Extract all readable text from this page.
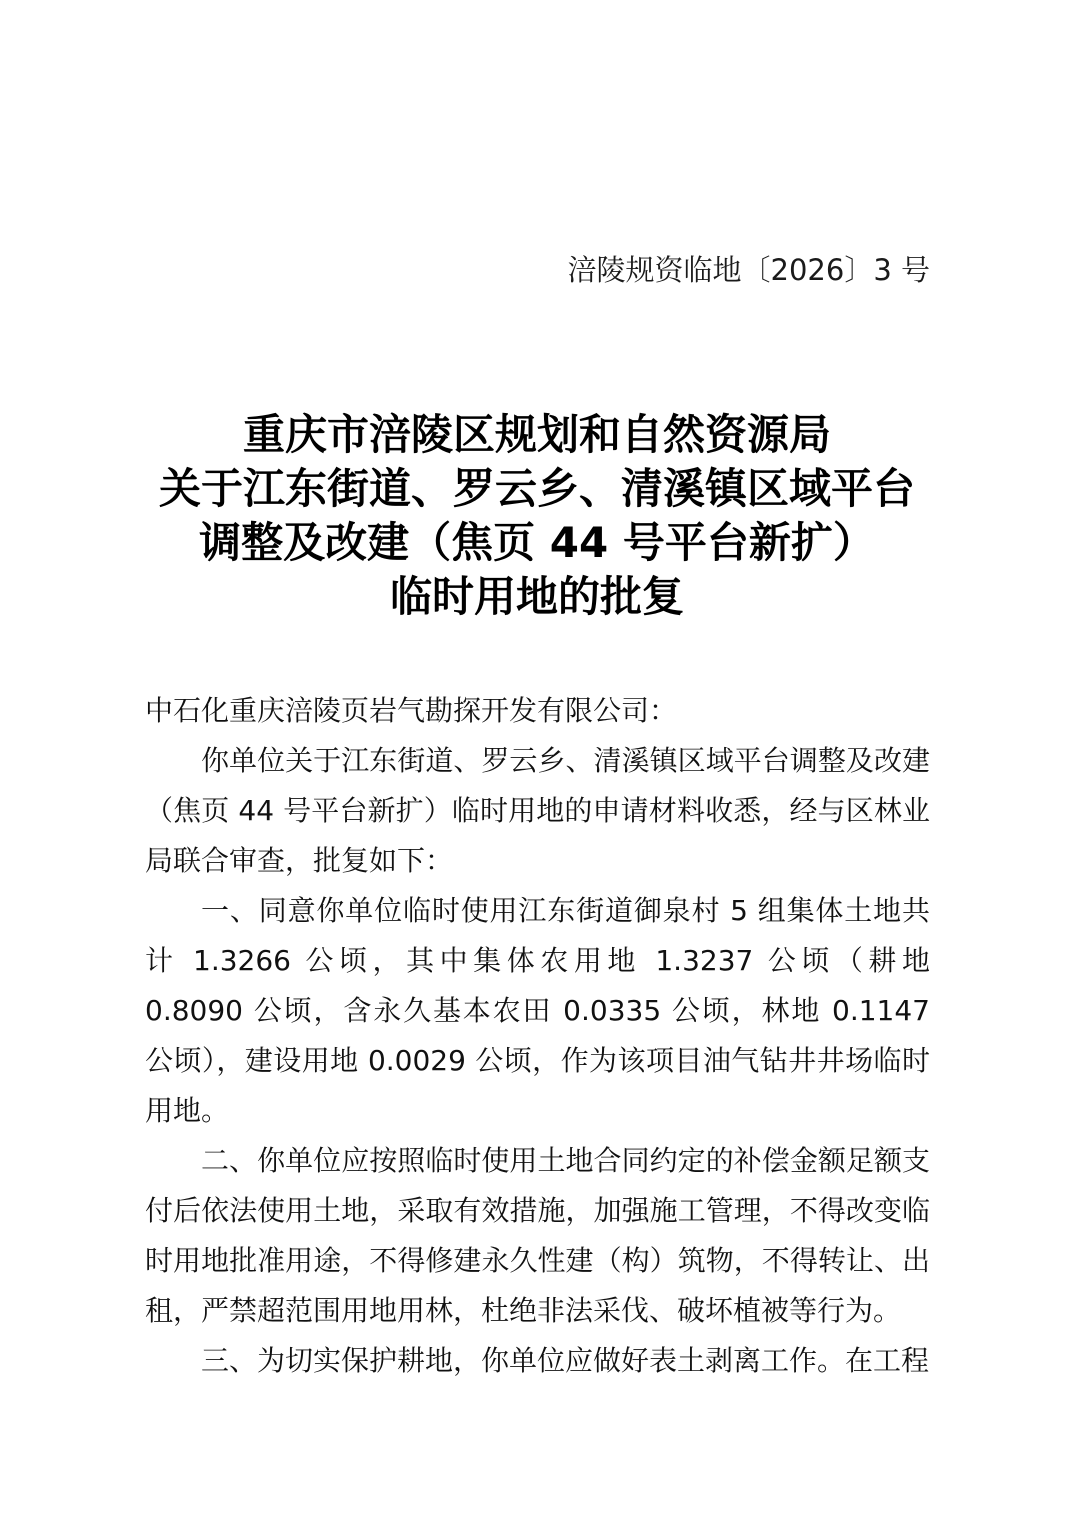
涪陵规资临地〔2026〕3 号
重庆市涪陵区规划和自然资源局
关于江东街道、罗云乡、清溪镇区域平台
调整及改建（焦页 44 号平台新扩）
临时用地的批复

中石化重庆涪陵页岩气勘探开发有限公司：

你单位关于江东街道、罗云乡、清溪镇区域平台调整及改建（焦页 44 号平台新扩）临时用地的申请材料收悉，经与区林业局联合审查，批复如下：

一、同意你单位临时使用江东街道御泉村 5 组集体土地共计 1.3266 公顷，其中集体农用地 1.3237 公顷（耕地 0.8090 公顷，含永久基本农田 0.0335 公顷，林地 0.1147 公顷），建设用地 0.0029 公顷，作为该项目油气钻井井场临时用地。

二、你单位应按照临时使用土地合同约定的补偿金额足额支付后依法使用土地，采取有效措施，加强施工管理，不得改变临时用地批准用途，不得修建永久性建（构）筑物，不得转让、出租，严禁超范围用地用林，杜绝非法采伐、破坏植被等行为。

三、为切实保护耕地，你单位应做好表土剥离工作。在工程
